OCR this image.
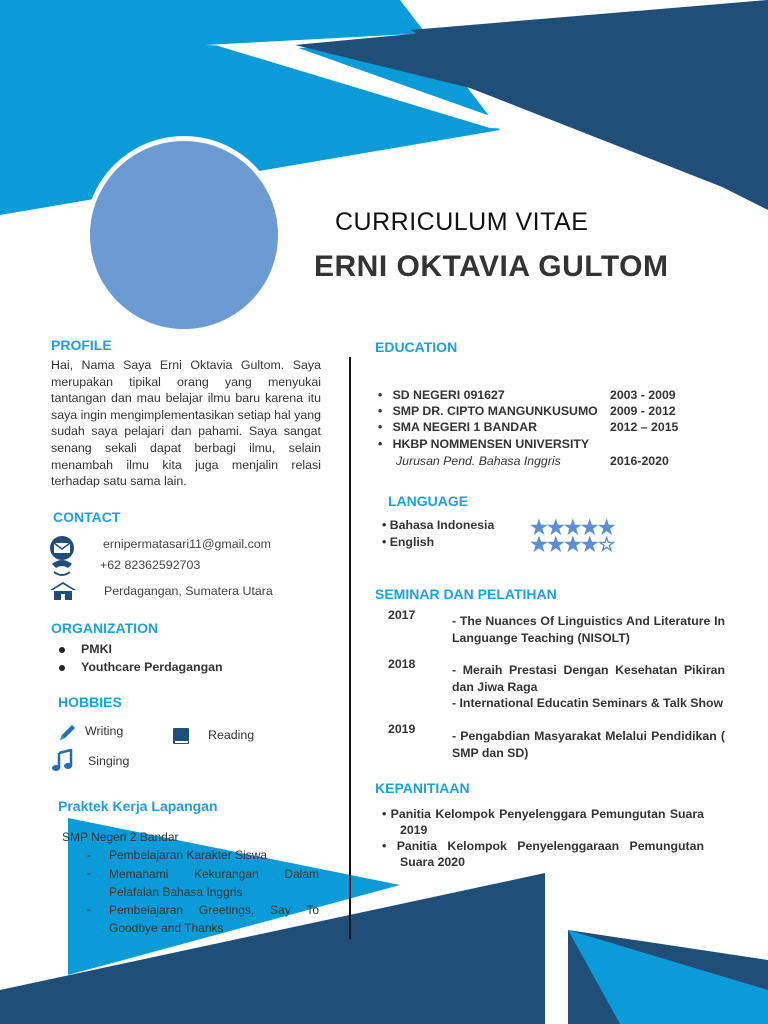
CURRICULUM VITAE
ERNI OKTAVIA GULTOM
PROFILE
Hai, Nama Saya Erni Oktavia Gultom. Saya merupakan tipikal orang yang menyukai tantangan dan mau belajar ilmu baru karena itu saya ingin mengimplementasikan setiap hal yang sudah saya pelajari dan pahami. Saya sangat senang sekali dapat berbagi ilmu, selain menambah ilmu kita juga menjalin relasi terhadap satu sama lain.
CONTACT
ernipermatasari11@gmail.com
+62 82362592703
Perdagangan, Sumatera Utara
ORGANIZATION
PMKI
Youthcare Perdagangan
HOBBIES
Writing	Reading
Singing
Praktek Kerja Lapangan
SMP Negeri 2 Bandar
- Pembelajaran Karakter Siswa
- Memahami Kekurangan Dalam Pelafalan Bahasa Inggris
- Pembelajaran Greetings, Say To Goodbye and Thanks
EDUCATION
•   SD NEGERI 091627	2003 - 2009
•   SMP DR. CIPTO MANGUNKUSUMO 2009 - 2012
•   SMA NEGERI 1 BANDAR	2012 – 2015
•   HKBP NOMMENSEN UNIVERSITY
Jurusan Pend. Bahasa Inggris	2016-2020
LANGUAGE
• Bahasa Indonesia ★★★★★
• English	★★★★☆
SEMINAR DAN PELATIHAN
2017	- The Nuances Of Linguistics And Literature In Languange Teaching (NISOLT)
2018	- Meraih Prestasi Dengan Kesehatan Pikiran dan Jiwa Raga
- International Educatin Seminars & Talk Show
2019	- Pengabdian Masyarakat Melalui Pendidikan ( SMP dan SD)
KEPANITIAAN
• Panitia Kelompok Penyelenggara Pemungutan Suara 2019
• Panitia Kelompok Penyelenggaraan Pemungutan Suara 2020
